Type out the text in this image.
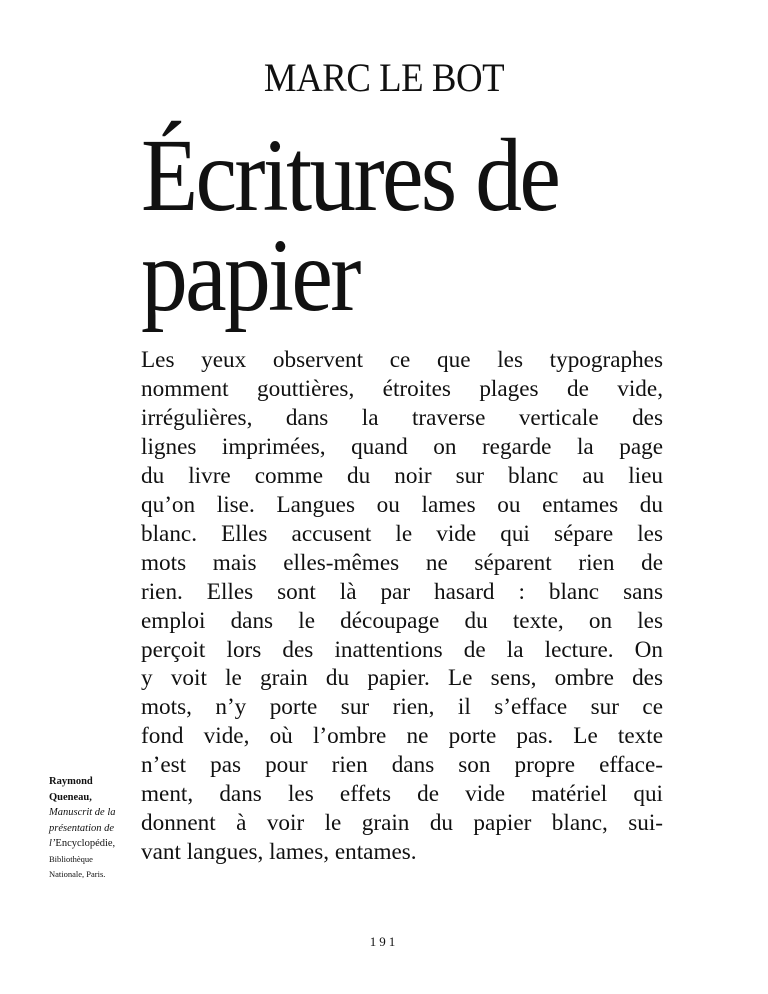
MARC LE BOT
Écritures de
papier
Les yeux observent ce que les typographes
nomment gouttières, étroites plages de vide,
irrégulières, dans la traverse verticale des
lignes imprimées, quand on regarde la page
du livre comme du noir sur blanc au lieu
qu’on lise. Langues ou lames ou entames du
blanc. Elles accusent le vide qui sépare les
mots mais elles-mêmes ne séparent rien de
rien. Elles sont là par hasard : blanc sans
emploi dans le découpage du texte, on les
perçoit lors des inattentions de la lecture. On
y voit le grain du papier. Le sens, ombre des
mots, n’y porte sur rien, il s’efface sur ce
fond vide, où l’ombre ne porte pas. Le texte
n’est pas pour rien dans son propre efface-
ment, dans les effets de vide matériel qui
donnent à voir le grain du papier blanc, sui-
vant langues, lames, entames.
Raymond
Queneau,
Manuscrit de la
présentation de
l’Encyclopédie,
Bibliothèque
Nationale, Paris.
191
